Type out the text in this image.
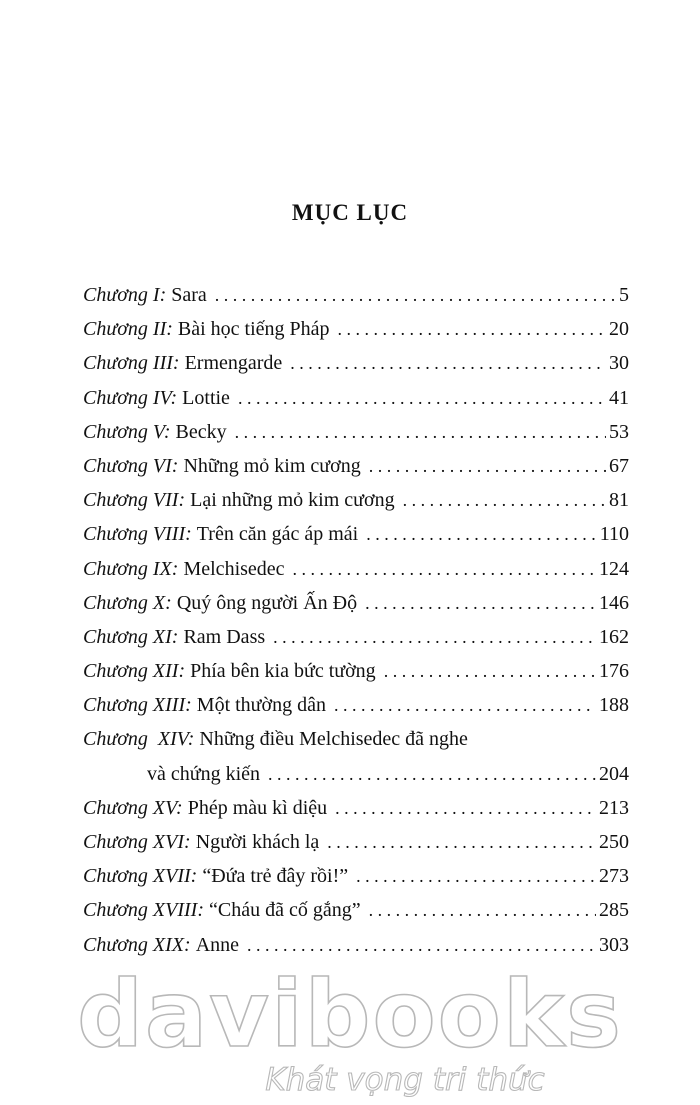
MỤC LỤC
Chương I: Sara . . .	5
Chương II: Bài học tiếng Pháp . . .	20
Chương III: Ermengarde . . .	30
Chương IV: Lottie . . .	41
Chương V: Becky . . .	53
Chương VI: Những mỏ kim cương . . .	67
Chương VII: Lại những mỏ kim cương . . .	81
Chương VIII: Trên căn gác áp mái . . .	110
Chương IX: Melchisedec . . .	124
Chương X: Quý ông người Ấn Độ . . .	146
Chương XI: Ram Dass . . .	162
Chương XII: Phía bên kia bức tường . . .	176
Chương XIII: Một thường dân . . .	188
Chương  XIV: Những điều Melchisedec đã nghe
và chứng kiến . . .	204
Chương XV: Phép màu kì diệu . . .	213
Chương XVI: Người khách lạ . . .	250
Chương XVII: “Đứa trẻ đây rồi!” . . .	273
Chương XVIII: “Cháu đã cố gắng” . . .	285
Chương XIX: Anne . . .	303
davibooks
Khát vọng tri thức
